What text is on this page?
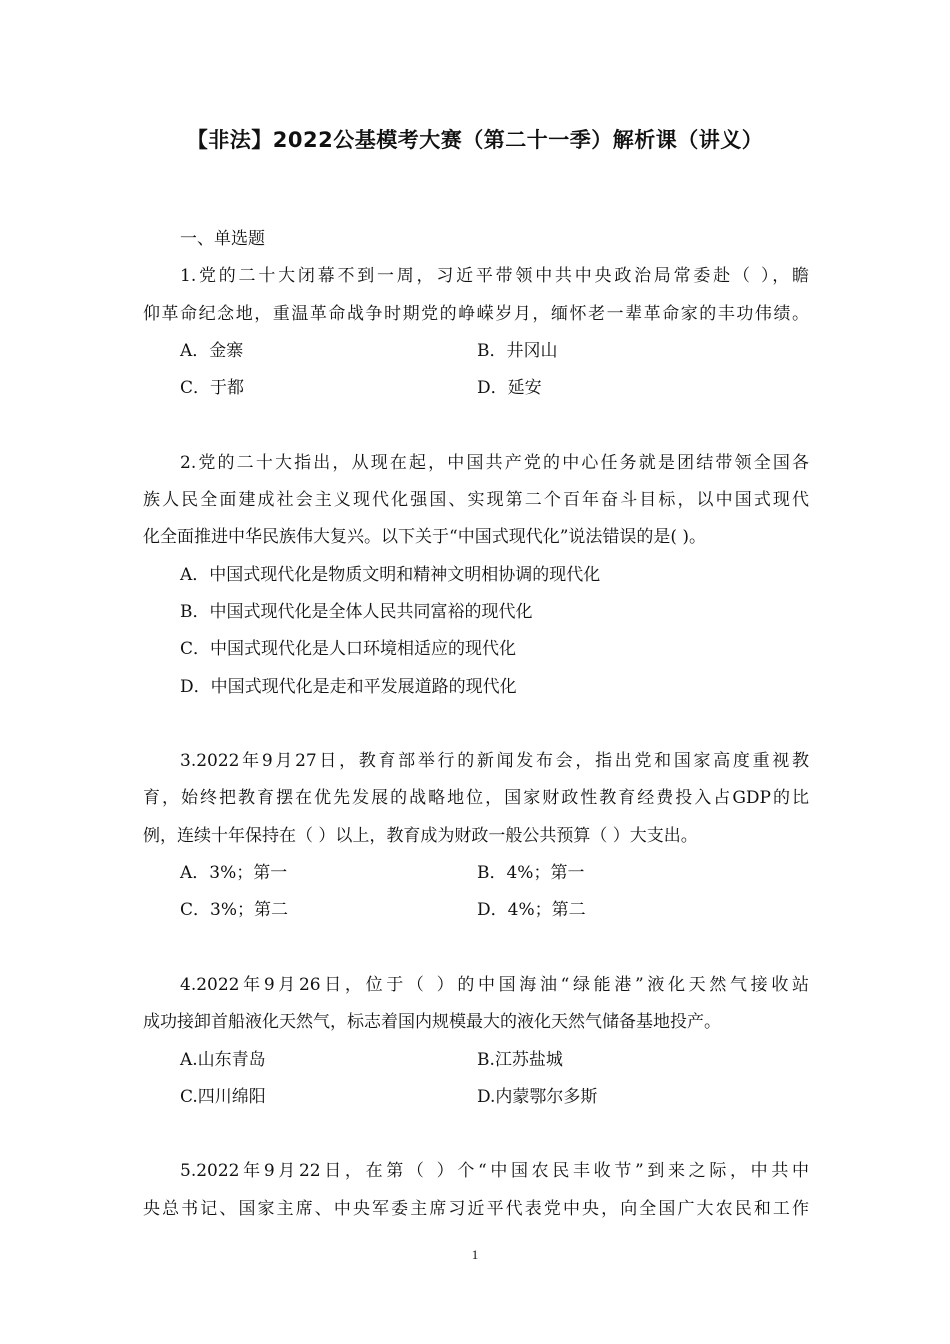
【非法】2022公基模考大赛（第二十一季）解析课（讲义）
一、单选题
1.党的二十大闭幕不到一周，习近平带领中共中央政治局常委赴（ ），瞻
仰革命纪念地，重温革命战争时期党的峥嵘岁月，缅怀老一辈革命家的丰功伟绩。
A．金寨	B．井冈山
C．于都	D．延安
2.党的二十大指出，从现在起，中国共产党的中心任务就是团结带领全国各
族人民全面建成社会主义现代化强国、实现第二个百年奋斗目标，以中国式现代
化全面推进中华民族伟大复兴。以下关于“中国式现代化”说法错误的是( )。
A．中国式现代化是物质文明和精神文明相协调的现代化
B．中国式现代化是全体人民共同富裕的现代化
C．中国式现代化是人口环境相适应的现代化
D．中国式现代化是走和平发展道路的现代化
3.2022年9月27日，教育部举行的新闻发布会，指出党和国家高度重视教
育，始终把教育摆在优先发展的战略地位，国家财政性教育经费投入占GDP的比
例，连续十年保持在（ ）以上，教育成为财政一般公共预算（ ）大支出。
A．3%；第一	B．4%；第一
C．3%；第二	D．4%；第二
4.2022年9月26日，位于（ ）的中国海油“绿能港”液化天然气接收站
成功接卸首船液化天然气，标志着国内规模最大的液化天然气储备基地投产。
A.山东青岛	B.江苏盐城
C.四川绵阳	D.内蒙鄂尔多斯
5.2022年9月22日，在第（ ）个“中国农民丰收节”到来之际，中共中
央总书记、国家主席、中央军委主席习近平代表党中央，向全国广大农民和工作
1
